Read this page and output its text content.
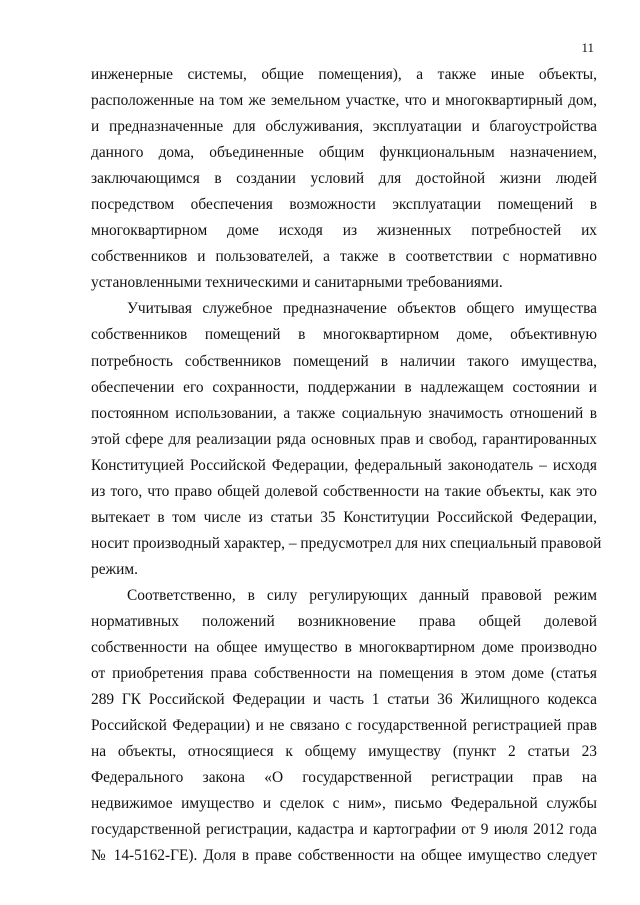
11
инженерные системы, общие помещения), а также иные объекты,
расположенные на том же земельном участке, что и многоквартирный дом,
и предназначенные для обслуживания, эксплуатации и благоустройства
данного дома, объединенные общим функциональным назначением,
заключающимся в создании условий для достойной жизни людей
посредством обеспечения возможности эксплуатации помещений в
многоквартирном доме исходя из жизненных потребностей их
собственников и пользователей, а также в соответствии с нормативно
установленными техническими и санитарными требованиями.
Учитывая служебное предназначение объектов общего имущества
собственников помещений в многоквартирном доме, объективную
потребность собственников помещений в наличии такого имущества,
обеспечении его сохранности, поддержании в надлежащем состоянии и
постоянном использовании, а также социальную значимость отношений в
этой сфере для реализации ряда основных прав и свобод, гарантированных
Конституцией Российской Федерации, федеральный законодатель – исходя
из того, что право общей долевой собственности на такие объекты, как это
вытекает в том числе из статьи 35 Конституции Российской Федерации,
носит производный характер, – предусмотрел для них специальный правовой
режим.
Соответственно, в силу регулирующих данный правовой режим
нормативных положений возникновение права общей долевой
собственности на общее имущество в многоквартирном доме производно
от приобретения права собственности на помещения в этом доме (статья
289 ГК Российской Федерации и часть 1 статьи 36 Жилищного кодекса
Российской Федерации) и не связано с государственной регистрацией прав
на объекты, относящиеся к общему имуществу (пункт 2 статьи 23
Федерального закона «О государственной регистрации прав на
недвижимое имущество и сделок с ним», письмо Федеральной службы
государственной регистрации, кадастра и картографии от 9 июля 2012 года
№ 14-5162-ГЕ). Доля в праве собственности на общее имущество следует
